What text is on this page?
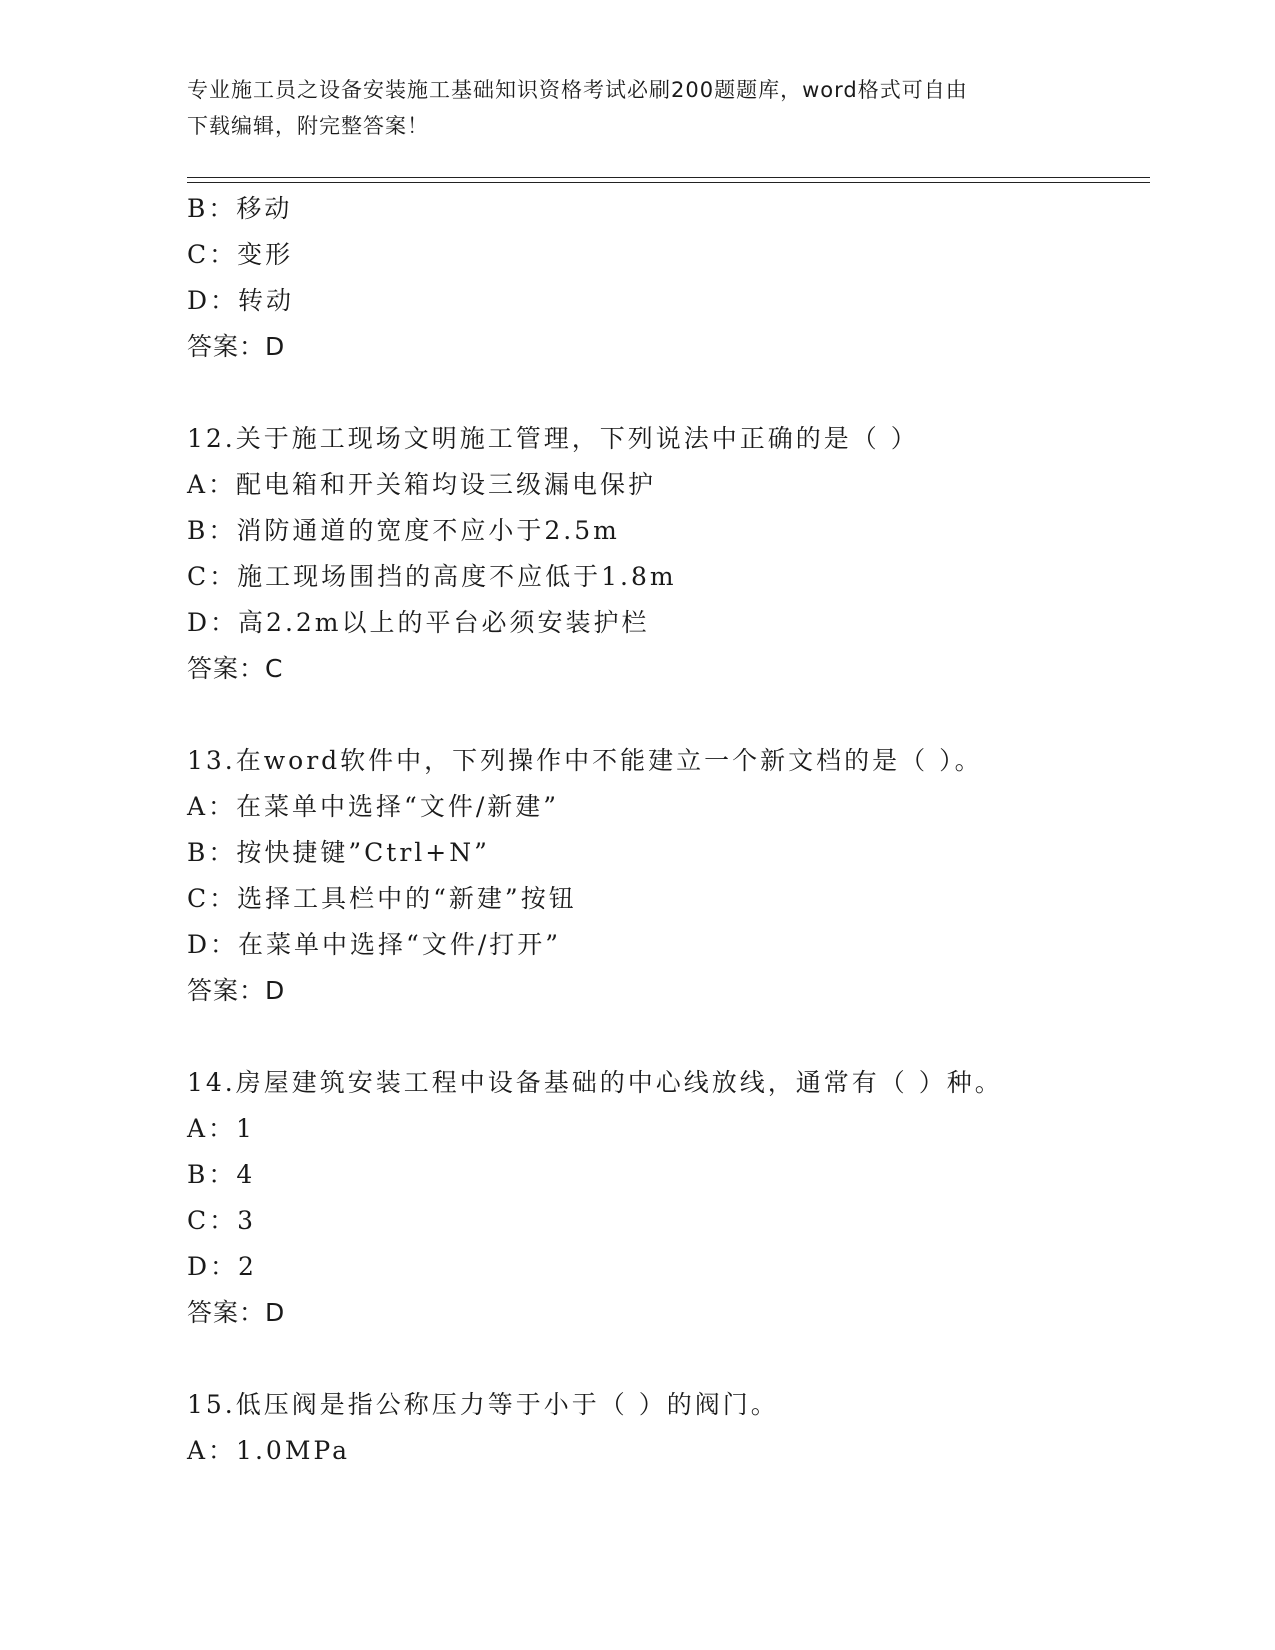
专业施工员之设备安装施工基础知识资格考试必刷200题题库，word格式可自由
下载编辑，附完整答案！
B：移动
C：变形
D：转动
答案：D
12.关于施工现场文明施工管理，下列说法中正确的是（ ）
A：配电箱和开关箱均设三级漏电保护
B：消防通道的宽度不应小于2.5m
C：施工现场围挡的高度不应低于1.8m
D：高2.2m以上的平台必须安装护栏
答案：C
13.在word软件中，下列操作中不能建立一个新文档的是（ ）。
A：在菜单中选择“文件/新建”
B：按快捷键”Ctrl+N”
C：选择工具栏中的“新建”按钮
D：在菜单中选择“文件/打开”
答案：D
14.房屋建筑安装工程中设备基础的中心线放线，通常有（ ）种。
A：1
B：4
C：3
D：2
答案：D
15.低压阀是指公称压力等于小于（ ）的阀门。
A：1.0MPa
